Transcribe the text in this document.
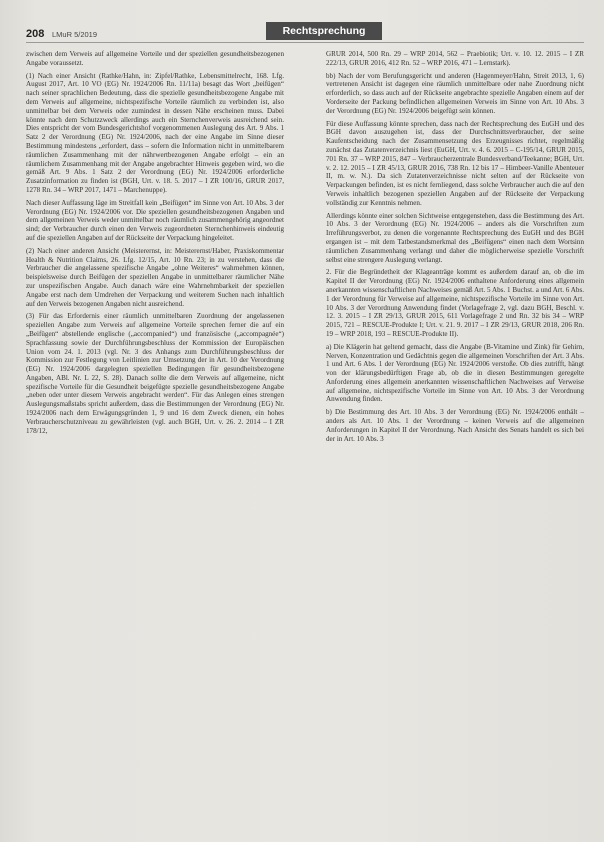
208 LMuR 5/2019	Rechtsprechung

zwischen dem Verweis auf allgemeine Vorteile und der speziellen gesundheitsbezogenen Angabe voraussetzt.

(1) Nach einer Ansicht (Rathke/Hahn, in: Zipfel/Rathke, Lebensmittelrecht, 168. Lfg. August 2017, Art. 10 VO (EG) Nr. 1924/2006 Rn. 11/11a) besagt das Wort „beifügen“ nach seiner sprachlichen Bedeutung, dass die spezielle gesundheitsbezogene Angabe mit dem Verweis auf allgemeine, nichtspezifische Vorteile räumlich zu verbinden ist, also unmittelbar bei dem Verweis oder zumindest in dessen Nähe erscheinen muss. Dabei könnte nach dem Schutzzweck allerdings auch ein Sternchenverweis ausreichend sein. Dies entspricht der vom Bundesgerichtshof vorgenommenen Auslegung des Art. 9 Abs. 1 Satz 2 der Verordnung (EG) Nr. 1924/2006, nach der eine Angabe im Sinne dieser Bestimmung mindestens „erfordert, dass – sofern die Information nicht in unmittelbarem räumlichen Zusammenhang mit der nährwertbezogenen Angabe erfolgt – ein an räumlichem Zusammenhang mit der Angabe angebrachter Hinweis gegeben wird, wo die gemäß Art. 9 Abs. 1 Satz 2 der Verordnung (EG) Nr. 1924/2006 erforderliche Zusatzinformation zu finden ist (BGH, Urt. v. 18. 5. 2017 – I ZR 100/16, GRUR 2017, 1278 Rn. 34 – WRP 2017, 1471 – Marchenuppe).

Nach dieser Auffassung läge im Streitfall kein „Beifügen“ im Sinne von Art. 10 Abs. 3 der Verordnung (EG) Nr. 1924/2006 vor. Die speziellen gesundheitsbezogenen Angaben und dem allgemeinen Verweis weder unmittelbar noch räumlich zusammengehörig angeordnet sind; der Verbraucher durch einen den Verweis zugeordneten Sternchenhinweis eindeutig auf die speziellen Angaben auf der Rückseite der Verpackung hingeleitet.

(2) Nach einer anderen Ansicht (Meisterernst, in: Meisterernst/Haber, Praxiskommentar Health & Nutrition Claims, 26. Lfg. 12/15, Art. 10 Rn. 23; in zu verstehen, dass die Verbraucher die angelassene spezifische Angabe „ohne Weiteres“ wahrnehmen können, beispielsweise durch Beifügen der speziellen Angabe in unmittelbarer räumlicher Nähe zur unspezifischen Angabe. Auch danach wäre eine Wahrnehmbarkeit der speziellen Angabe erst nach dem Umdrehen der Verpackung und weiterem Suchen nach inhaltlich auf den Verweis bezogenen Angaben nicht ausreichend.

(3) Für das Erfordernis einer räumlich unmittelbaren Zuordnung der angelassenen speziellen Angabe zum Verweis auf allgemeine Vorteile sprechen ferner die auf ein „Beifügen“ abstellende englische („accompanied“) und französische („accompagnée“) Sprachfassung sowie der Durchführungsbeschluss der Kommission der Europäischen Union vom 24. 1. 2013 (vgl. Nr. 3 des Anhangs zum Durchführungsbeschluss der Kommission zur Festlegung von Leitlinien zur Umsetzung der in Art. 10 der Verordnung (EG) Nr. 1924/2006 dargelegten speziellen Bedingungen für gesundheitsbezogene Angaben, ABl. Nr. L 22, S. 28). Danach sollte die dem Verweis auf allgemeine, nicht spezifische Vorteile für die Gesundheit beigefügte spezielle gesundheitsbezogene Angabe „neben oder unter diesem Verweis angebracht werden“. Für das Anlegen eines strengen Auslegungsmaßstabs spricht außerdem, dass die Bestimmungen der Verordnung (EG) Nr. 1924/2006 nach dem Erwägungsgründen 1, 9 und 16 dem Zweck dienen, ein hohes Verbraucherschutzniveau zu gewährleisten (vgl. auch BGH, Urt. v. 26. 2. 2014 – I ZR 178/12,

GRUR 2014, 500 Rn. 29 – WRP 2014, 562 – Praebiotik; Urt. v. 10. 12. 2015 – I ZR 222/13, GRUR 2016, 412 Rn. 52 – WRP 2016, 471 – Lernstark).

bb) Nach der vom Berufungsgericht und anderen (Hagenmeyer/Hahn, Streit 2013, 1, 6) vertretenen Ansicht ist dagegen eine räumlich unmittelbare oder nahe Zuordnung nicht erforderlich, so dass auch auf der Rückseite angebrachte spezielle Angaben einem auf der Vorderseite der Packung befindlichen allgemeinen Verweis im Sinne von Art. 10 Abs. 3 der Verordnung (EG) Nr. 1924/2006 beigefügt sein können.

Für diese Auffassung könnte sprechen, dass nach der Rechtsprechung des EuGH und des BGH davon auszugehen ist, dass der Durchschnittsverbraucher, der seine Kaufentscheidung nach der Zusammensetzung des Erzeugnisses richtet, regelmäßig zunächst das Zutatenverzeichnis liest (EuGH, Urt. v. 4. 6. 2015 – C-195/14, GRUR 2015, 701 Rn. 37 – WRP 2015, 847 – Verbraucherzentrale Bundesverband/Teekanne; BGH, Urt. v. 2. 12. 2015 – I ZR 45/13, GRUR 2016, 738 Rn. 12 bis 17 – Himbeer-Vanille Abenteuer II, m. w. N.). Da sich Zutatenverzeichnisse nicht selten auf der Rückseite von Verpackungen befinden, ist es nicht fernliegend, dass solche Verbraucher auch die auf den Verweis inhaltlich bezogenen speziellen Angaben auf der Rückseite der Verpackung vollständig zur Kenntnis nehmen.

Allerdings könnte einer solchen Sichtweise entgegenstehen, dass die Bestimmung des Art. 10 Abs. 3 der Verordnung (EG) Nr. 1924/2006 – anders als die Vorschriften zum Irreführungsverbot, zu denen die vorgenannte Rechtsprechung des EuGH und des BGH ergangen ist – mit dem Tatbestandsmerkmal des „Beifügens“ einen nach dem Wortsinn räumlichen Zusammenhang verlangt und daher die möglicherweise spezielle Vorschrift selbst eine strengere Auslegung verlangt.

2. Für die Begründetheit der Klageanträge kommt es außerdem darauf an, ob die im Kapitel II der Verordnung (EG) Nr. 1924/2006 enthaltene Anforderung eines allgemein anerkannten wissenschaftlichen Nachweises gemäß Art. 5 Abs. 1 Buchst. a und Art. 6 Abs. 1 der Verordnung für Verweise auf allgemeine, nichtspezifische Vorteile im Sinne von Art. 10 Abs. 3 der Verordnung Anwendung findet (Vorlagefrage 2, vgl. dazu BGH, Beschl. v. 12. 3. 2015 – I ZR 29/13, GRUR 2015, 611 Vorlagefrage 2 und Rn. 32 bis 34 – WRP 2015, 721 – RESCUE-Produkte I; Urt. v. 21. 9. 2017 – I ZR 29/13, GRUR 2018, 206 Rn. 19 – WRP 2018, 193 – RESCUE-Produkte II).

a) Die Klägerin hat geltend gemacht, dass die Angabe (B-Vitamine und Zink) für Gehirn, Nerven, Konzentration und Gedächtnis gegen die allgemeinen Vorschriften der Art. 3 Abs. 1 und Art. 6 Abs. 1 der Verordnung (EG) Nr. 1924/2006 verstoße. Ob dies zutrifft, hängt von der klärungsbedürftigen Frage ab, ob die in diesen Bestimmungen geregelte Anforderung eines allgemein anerkannten wissenschaftlichen Nachweises auf Verweise auf allgemeine, nichtspezifische Vorteile im Sinne von Art. 10 Abs. 3 der Verordnung Anwendung finden.

b) Die Bestimmung des Art. 10 Abs. 3 der Verordnung (EG) Nr. 1924/2006 enthält – anders als Art. 10 Abs. 1 der Verordnung – keinen Verweis auf die allgemeinen Anforderungen in Kapitel II der Verordnung. Nach Ansicht des Senats handelt es sich bei der in Art. 10 Abs. 3
